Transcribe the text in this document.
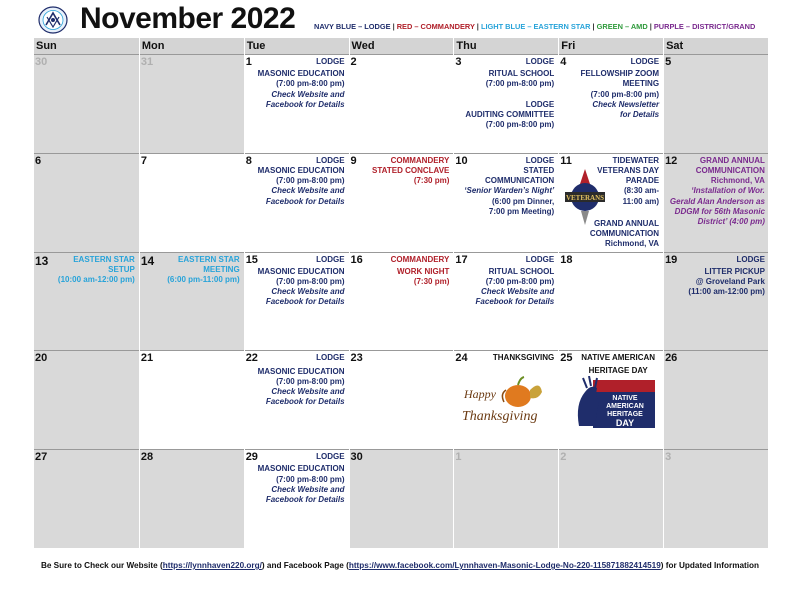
November 2022	NAVY BLUE – LODGE | RED – COMMANDERY | LIGHT BLUE – EASTERN STAR | GREEN – AMD | PURPLE – DISTRICT/GRAND
Sun	Mon	Tue	Wed	Thu	Fri	Sat
30	31	1	LODGE
MASONIC EDUCATION
(7:00 pm-8:00 pm)
Check Website and
Facebook for Details
2	3	LODGE
RITUAL SCHOOL
(7:00 pm-8:00 pm)
LODGE
AUDITING COMMITTEE
(7:00 pm-8:00 pm)
4	LODGE
FELLOWSHIP ZOOM
MEETING
(7:00 pm-8:00 pm)
Check Newsletter
for Details
5
6	7	8	LODGE
MASONIC EDUCATION
(7:00 pm-8:00 pm)
Check Website and
Facebook for Details
9	COMMANDERY
STATED CONCLAVE
(7:30 pm)
10	LODGE
STATED
COMMUNICATION
‘Senior Warden’s Night’
(6:00 pm Dinner,
7:00 pm Meeting)
11
VETERANS
TIDEWATER
VETERANS DAY
PARADE
(8:30 am-
11:00 am)
GRAND ANNUAL
COMMUNICATION
Richmond, VA
12	GRAND ANNUAL
COMMUNICATION
Richmond, VA
‘Installation of Wor.
Gerald Alan Anderson as
DDGM for 56th Masonic
District’ (4:00 pm)
13	EASTERN STAR
SETUP
(10:00 am-12:00 pm)
14	EASTERN STAR
MEETING
(6:00 pm-11:00 pm)
15	LODGE
MASONIC EDUCATION
(7:00 pm-8:00 pm)
Check Website and
Facebook for Details
16	COMMANDERY
WORK NIGHT
(7:30 pm)
17	LODGE
RITUAL SCHOOL
(7:00 pm-8:00 pm)
Check Website and
Facebook for Details
18	19	LODGE
LITTER PICKUP
@ Groveland Park
(11:00 am-12:00 pm)
20	21	22	LODGE
MASONIC EDUCATION
(7:00 pm-8:00 pm)
Check Website and
Facebook for Details
23	24	THANKSGIVING
Happy
Thanksgiving
25 NATIVE AMERICAN
HERITAGE DAY
NATIVE
AMERICAN
HERITAGE
DAY
26
27	28	29	LODGE
MASONIC EDUCATION
(7:00 pm-8:00 pm)
Check Website and
Facebook for Details
30	1	2	3
Be Sure to Check our Website (https://lynnhaven220.org/) and Facebook Page (https://www.facebook.com/Lynnhaven-Masonic-Lodge-No-220-115871882414519) for Updated Information
